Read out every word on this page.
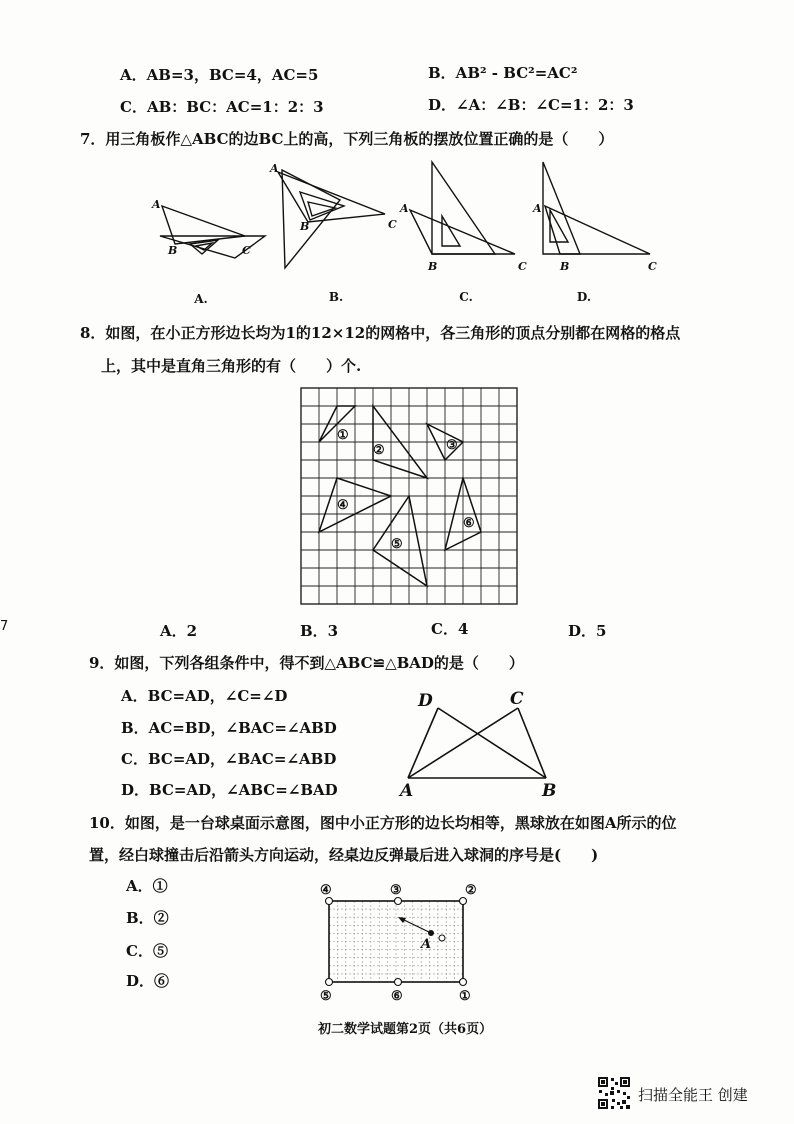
A．AB=3，BC=4，AC=5	B．AB² - BC²=AC²
C．AB：BC：AC=1：2：3	D．∠A：∠B：∠C=1：2：3
7．用三角板作△ABC的边BC上的高，下列三角板的摆放位置正确的是（　　）
A
B	C
A
B	C
A
B	C
A
B	C
A.	B.	C.	D.
8．如图，在小正方形边长均为1的12×12的网格中，各三角形的顶点分别都在网格的格点
上，其中是直角三角形的有（　　）个.
①
②	③
④
⑤
⑥
A．2	B．3	C．4	D．5
7
9．如图，下列各组条件中，得不到△ABC≌△BAD的是（　　）
A．BC=AD，∠C=∠D
B．AC=BD，∠BAC=∠ABD
C．BC=AD，∠BAC=∠ABD
D．BC=AD，∠ABC=∠BAD
D	C
A	B
10．如图，是一台球桌面示意图，图中小正方形的边长均相等，黑球放在如图A所示的位
置，经白球撞击后沿箭头方向运动，经桌边反弹最后进入球洞的序号是(　　)
A．①
B．②
C．⑤
D．⑥
④	③	②
⑤	⑥	①
A
初二数学试题第2页（共6页）
扫描全能王 创建
